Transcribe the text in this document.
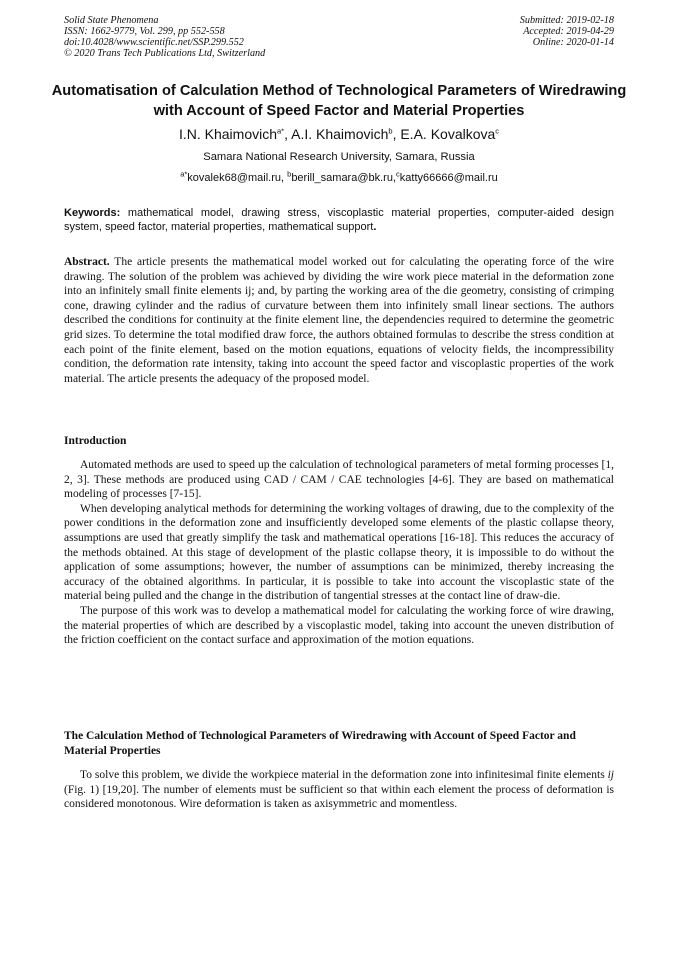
Solid State Phenomena
ISSN: 1662-9779, Vol. 299, pp 552-558
doi:10.4028/www.scientific.net/SSP.299.552
© 2020 Trans Tech Publications Ltd, Switzerland
Submitted: 2019-02-18
Accepted: 2019-04-29
Online: 2020-01-14
Automatisation of Calculation Method of Technological Parameters of Wiredrawing with Account of Speed Factor and Material Properties
I.N. Khaimovich$^{a*}$, A.I. Khaimovich$^b$, E.A. Kovalkova$^c$
Samara National Research University, Samara, Russia
$^{a*}$kovalek68@mail.ru, $^b$berill_samara@bk.ru,$^c$katty66666@mail.ru
Keywords: mathematical model, drawing stress, viscoplastic material properties, computer-aided design system, speed factor, material properties, mathematical support.

Abstract. The article presents the mathematical model worked out for calculating the operating force of the wire drawing. The solution of the problem was achieved by dividing the wire work piece material in the deformation zone into an infinitely small finite elements ij; and, by parting the working area of the die geometry, consisting of crimping cone, drawing cylinder and the radius of curvature between them into infinitely small linear sections. The authors described the conditions for continuity at the finite element line, the dependencies required to determine the geometric grid sizes. To determine the total modified draw force, the authors obtained formulas to describe the stress condition at each point of the finite element, based on the motion equations, equations of velocity fields, the incompressibility condition, the deformation rate intensity, taking into account the speed factor and viscoplastic properties of the work material. The article presents the adequacy of the proposed model.

Introduction

Automated methods are used to speed up the calculation of technological parameters of metal forming processes [1, 2, 3]. These methods are produced using CAD / CAM / CAE technologies [4-6]. They are based on mathematical modeling of processes [7-15].

When developing analytical methods for determining the working voltages of drawing, due to the complexity of the power conditions in the deformation zone and insufficiently developed some elements of the plastic collapse theory, assumptions are used that greatly simplify the task and mathematical operations [16-18]. This reduces the accuracy of the methods obtained. At this stage of development of the plastic collapse theory, it is impossible to do without the application of some assumptions; however, the number of assumptions can be minimized, thereby increasing the accuracy of the obtained algorithms. In particular, it is possible to take into account the viscoplastic state of the material being pulled and the change in the distribution of tangential stresses at the contact line of draw-die.

The purpose of this work was to develop a mathematical model for calculating the working force of wire drawing, the material properties of which are described by a viscoplastic model, taking into account the uneven distribution of the friction coefficient on the contact surface and approximation of the motion equations.

The Calculation Method of Technological Parameters of Wiredrawing with Account of Speed Factor and Material Properties

To solve this problem, we divide the workpiece material in the deformation zone into infinitesimal finite elements ij (Fig. 1) [19,20]. The number of elements must be sufficient so that within each element the process of deformation is considered monotonous. Wire deformation is taken as axisymmetric and momentless.
